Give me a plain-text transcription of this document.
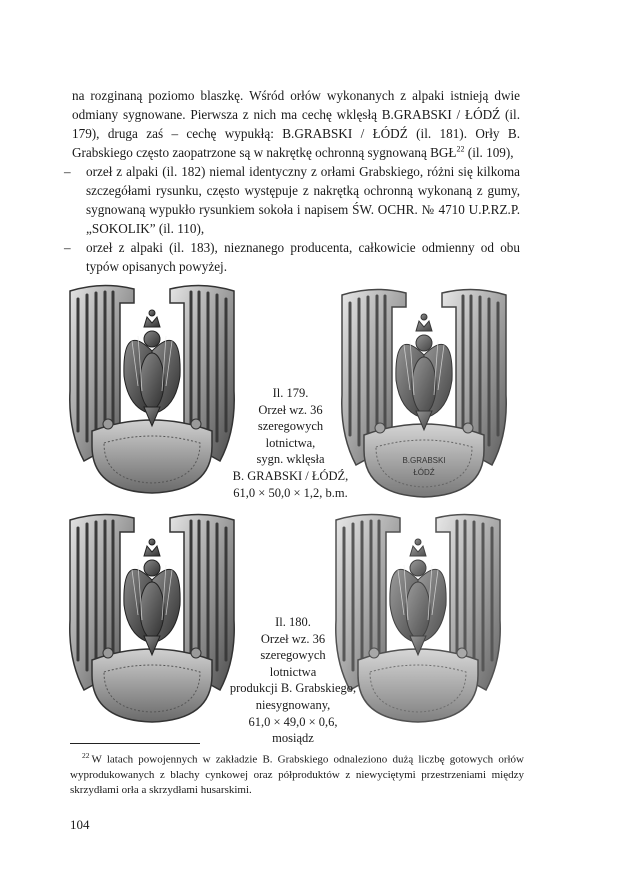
na rozginaną poziomo blaszkę. Wśród orłów wykonanych z alpaki istnieją dwie odmiany sygnowane. Pierwsza z nich ma cechę wklęsłą B.GRABSKI / ŁÓDŹ (il. 179), druga zaś – cechę wypukłą: B.GRABSKI / ŁÓDŹ (il. 181). Orły B. Grabskiego często zaopatrzone są w nakrętkę ochronną sygnowaną BGŁ$^{22}$ (il. 109),
– orzeł z alpaki (il. 182) niemal identyczny z orłami Grabskiego, różni się kilkoma szczegółami rysunku, często występuje z nakrętką ochronną wykonaną z gumy, sygnowaną wypukło rysunkiem sokoła i napisem ŚW. OCHR. № 4710 U.P.RZ.P.„SOKOLIK” (il. 110),
– orzeł z alpaki (il. 183), nieznanego producenta, całkowicie odmienny od obu typów opisanych powyżej.
B.GRABSKI
ŁÓDŹ
Il. 179.
Orzeł wz. 36
szeregowych
lotnictwa,
sygn. wklęsła
B. GRABSKI / ŁÓDŹ,
61,0 × 50,0 × 1,2, b.m.
Il. 180.
Orzeł wz. 36
szeregowych
lotnictwa
produkcji B. Grabskiego,
niesygnowany,
61,0 × 49,0 × 0,6, mosiądz
$^{22}$ W latach powojennych w zakładzie B. Grabskiego odnaleziono dużą liczbę gotowych orłów wyprodukowanych z blachy cynkowej oraz półproduktów z niewyciętymi przestrzeniami między skrzydłami orła a skrzydłami husarskimi.
104
